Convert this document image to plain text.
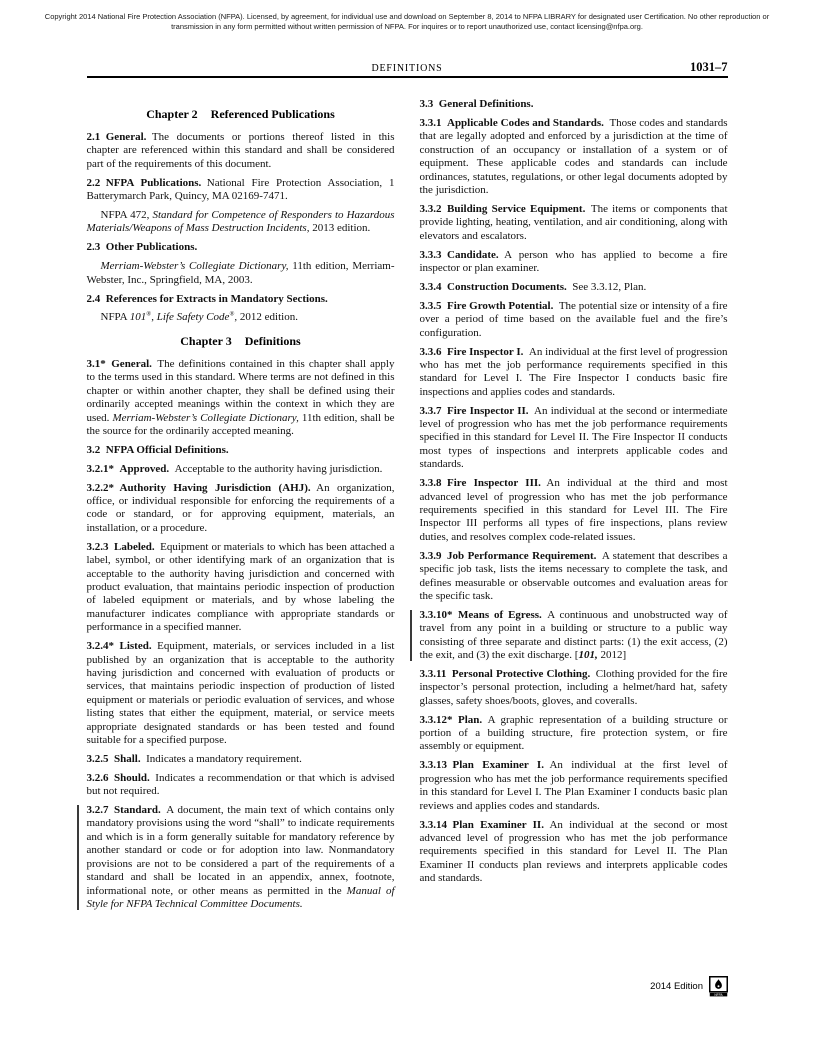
Copyright 2014 National Fire Protection Association (NFPA). Licensed, by agreement, for individual use and download on September 8, 2014 to NFPA LIBRARY for designated user Certification. No other reproduction or
transmission in any form permitted without written permission of NFPA. For inquires or to report unauthorized use, contact licensing@nfpa.org.
DEFINITIONS	1031–7
Chapter 2 Referenced Publications

2.1 General. The documents or portions thereof listed in this chapter are referenced within this standard and shall be considered part of the requirements of this document.

2.2 NFPA Publications. National Fire Protection Association, 1 Batterymarch Park, Quincy, MA 02169-7471.

NFPA 472, Standard for Competence of Responders to Hazardous Materials/Weapons of Mass Destruction Incidents, 2013 edition.

2.3 Other Publications.

Merriam-Webster’s Collegiate Dictionary, 11th edition, Merriam-Webster, Inc., Springfield, MA, 2003.

2.4 References for Extracts in Mandatory Sections.

NFPA 101®, Life Safety Code®, 2012 edition.

Chapter 3 Definitions

3.1* General. The definitions contained in this chapter shall apply to the terms used in this standard. Where terms are not defined in this chapter or within another chapter, they shall be defined using their ordinarily accepted meanings within the context in which they are used. Merriam-Webster’s Collegiate Dictionary, 11th edition, shall be the source for the ordinarily accepted meaning.

3.2 NFPA Official Definitions.

3.2.1* Approved. Acceptable to the authority having jurisdiction.

3.2.2* Authority Having Jurisdiction (AHJ). An organization, office, or individual responsible for enforcing the requirements of a code or standard, or for approving equipment, materials, an installation, or a procedure.

3.2.3 Labeled. Equipment or materials to which has been attached a label, symbol, or other identifying mark of an organization that is acceptable to the authority having jurisdiction and concerned with product evaluation, that maintains periodic inspection of production of labeled equipment or materials, and by whose labeling the manufacturer indicates compliance with appropriate standards or performance in a specified manner.

3.2.4* Listed. Equipment, materials, or services included in a list published by an organization that is acceptable to the authority having jurisdiction and concerned with evaluation of products or services, that maintains periodic inspection of production of listed equipment or materials or periodic evaluation of services, and whose listing states that either the equipment, material, or service meets appropriate designated standards or has been tested and found suitable for a specified purpose.

3.2.5 Shall. Indicates a mandatory requirement.

3.2.6 Should. Indicates a recommendation or that which is advised but not required.

3.2.7 Standard. A document, the main text of which contains only mandatory provisions using the word “shall” to indicate requirements and which is in a form generally suitable for mandatory reference by another standard or code or for adoption into law. Nonmandatory provisions are not to be considered a part of the requirements of a standard and shall be located in an appendix, annex, footnote, informational note, or other means as permitted in the Manual of Style for NFPA Technical Committee Documents.

3.3 General Definitions.

3.3.1 Applicable Codes and Standards. Those codes and standards that are legally adopted and enforced by a jurisdiction at the time of construction of an occupancy or installation of a system or of equipment. These applicable codes and standards can include ordinances, statutes, regulations, or other legal documents adopted by the jurisdiction.

3.3.2 Building Service Equipment. The items or components that provide lighting, heating, ventilation, and air conditioning, along with elevators and escalators.

3.3.3 Candidate. A person who has applied to become a fire inspector or plan examiner.

3.3.4 Construction Documents. See 3.3.12, Plan.

3.3.5 Fire Growth Potential. The potential size or intensity of a fire over a period of time based on the available fuel and the fire’s configuration.

3.3.6 Fire Inspector I. An individual at the first level of progression who has met the job performance requirements specified in this standard for Level I. The Fire Inspector I conducts basic fire inspections and applies codes and standards.

3.3.7 Fire Inspector II. An individual at the second or intermediate level of progression who has met the job performance requirements specified in this standard for Level II. The Fire Inspector II conducts most types of inspections and interprets applicable codes and standards.

3.3.8 Fire Inspector III. An individual at the third and most advanced level of progression who has met the job performance requirements specified in this standard for Level III. The Fire Inspector III performs all types of fire inspections, plans review duties, and resolves complex code-related issues.

3.3.9 Job Performance Requirement. A statement that describes a specific job task, lists the items necessary to complete the task, and defines measurable or observable outcomes and evaluation areas for the specific task.

3.3.10* Means of Egress. A continuous and unobstructed way of travel from any point in a building or structure to a public way consisting of three separate and distinct parts: (1) the exit access, (2) the exit, and (3) the exit discharge. [101, 2012]

3.3.11 Personal Protective Clothing. Clothing provided for the fire inspector’s personal protection, including a helmet/hard hat, safety glasses, safety shoes/boots, gloves, and coveralls.

3.3.12* Plan. A graphic representation of a building structure or portion of a building structure, fire protection system, or fire assembly or equipment.

3.3.13 Plan Examiner I. An individual at the first level of progression who has met the job performance requirements specified in this standard for Level I. The Plan Examiner I conducts basic plan reviews and applies codes and standards.

3.3.14 Plan Examiner II. An individual at the second or most advanced level of progression who has met the job performance requirements specified in this standard for Level II. The Plan Examiner II conducts plan reviews and interprets applicable codes and standards.

2014 Edition
NFPA
